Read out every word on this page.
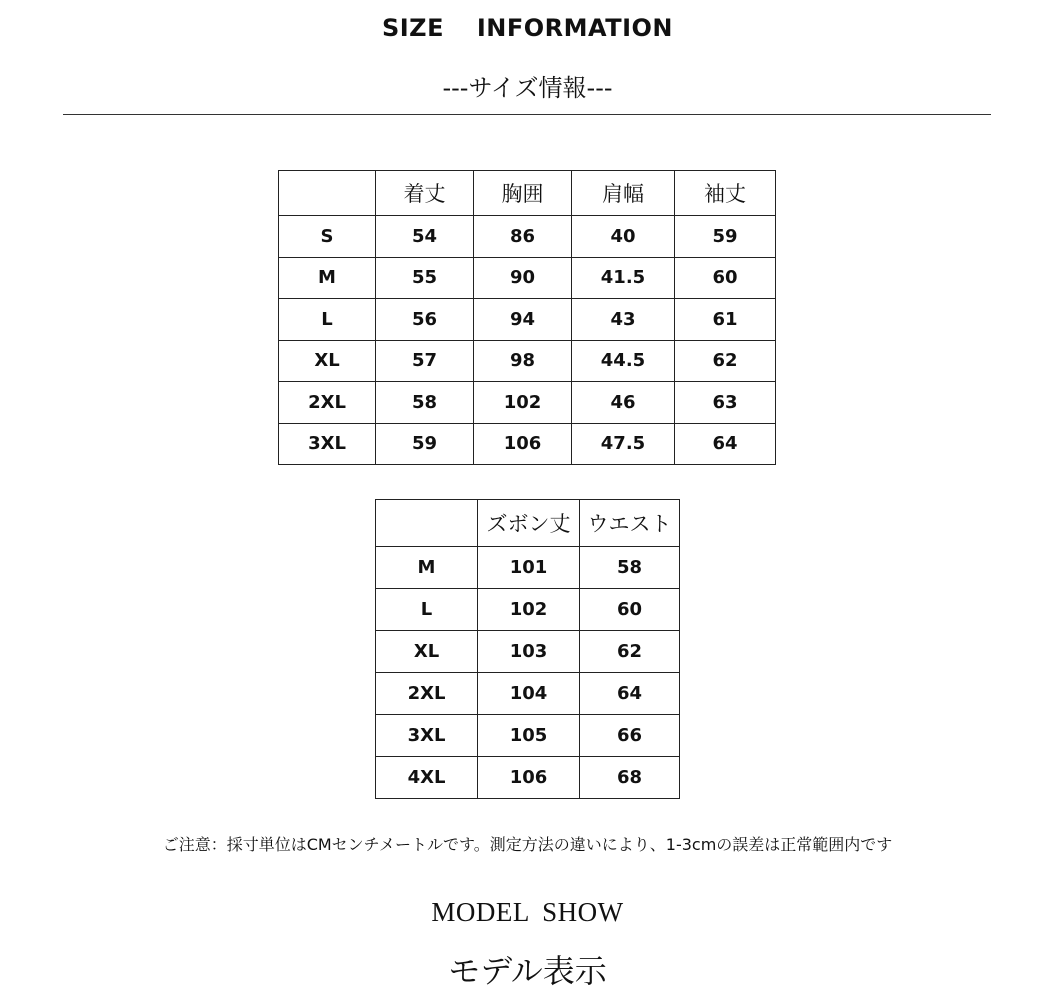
SIZE INFORMATION
---サイズ情報---
	着丈	胸囲	肩幅	袖丈
S	54	86	40	59
M	55	90	41.5	60
L	56	94	43	61
XL	57	98	44.5	62
2XL	58	102	46	63
3XL	59	106	47.5	64
	ズボン丈	ウエスト
M	101	58
L	102	60
XL	103	62
2XL	104	64
3XL	105	66
4XL	106	68
ご注意：採寸単位はCMセンチメートルです。測定方法の違いにより、1-3cmの誤差は正常範囲内です
MODEL SHOW
モデル表示
